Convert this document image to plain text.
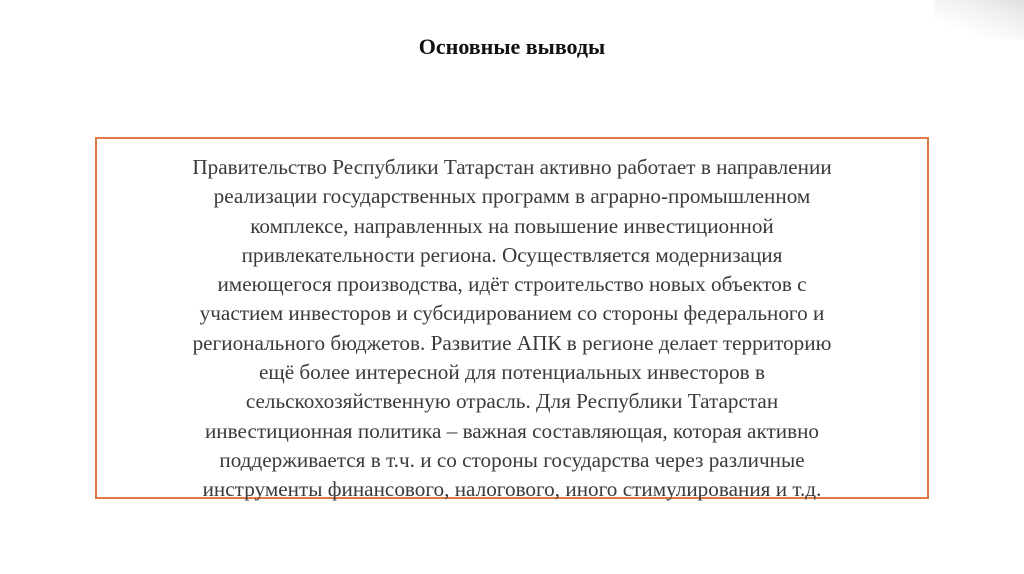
Основные выводы

Правительство Республики Татарстан активно работает в направлении
реализации государственных программ в аграрно-промышленном
комплексе, направленных на повышение инвестиционной
привлекательности региона. Осуществляется модернизация
имеющегося производства, идёт строительство новых объектов с
участием инвесторов и субсидированием со стороны федерального и
регионального бюджетов. Развитие АПК в регионе делает территорию
ещё более интересной для потенциальных инвесторов в
сельскохозяйственную отрасль. Для Республики Татарстан
инвестиционная политика – важная составляющая, которая активно
поддерживается в т.ч. и со стороны государства через различные
инструменты финансового, налогового, иного стимулирования и т.д.
